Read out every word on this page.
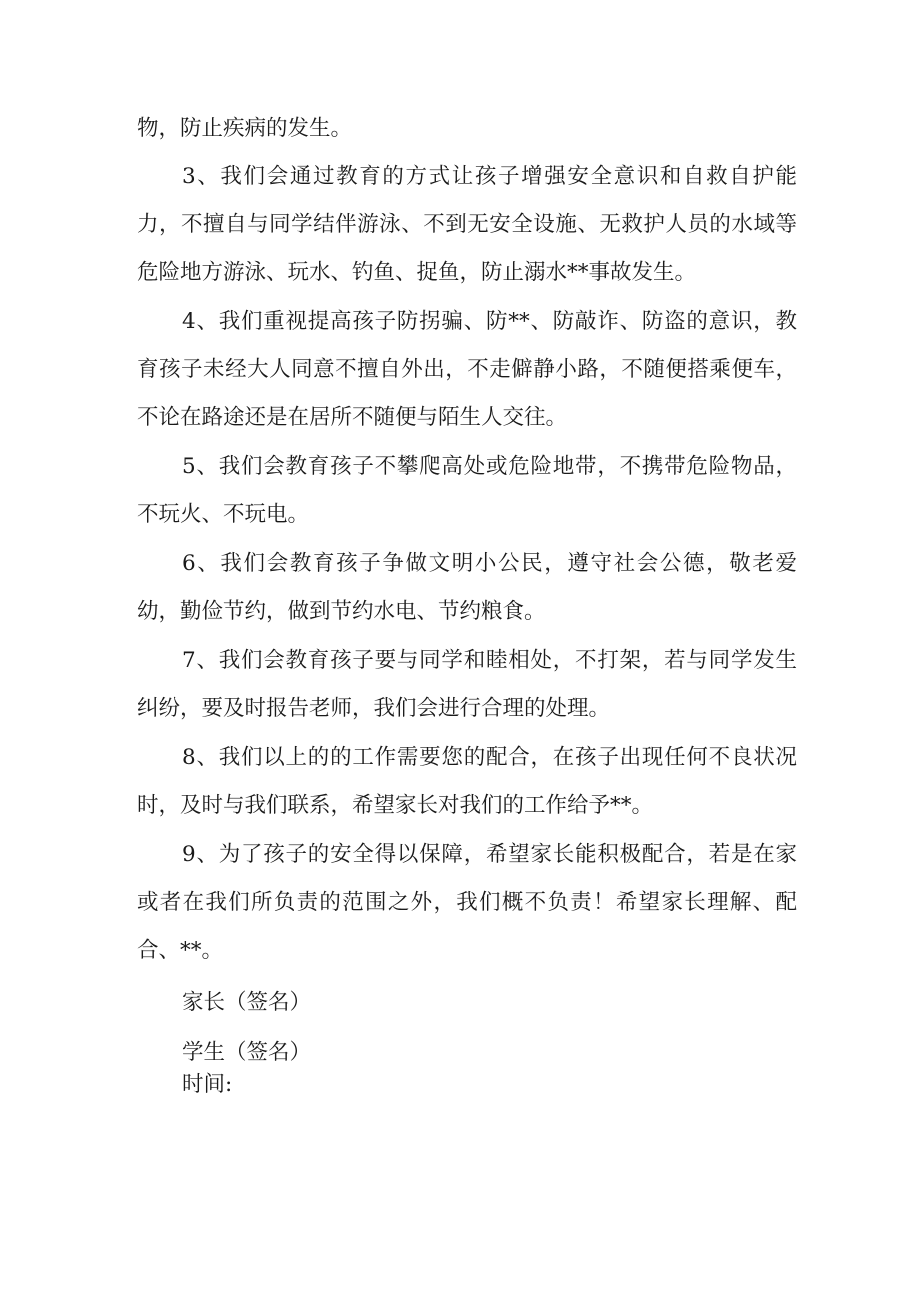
物，防止疾病的发生。

3、我们会通过教育的方式让孩子增强安全意识和自救自护能力，不擅自与同学结伴游泳、不到无安全设施、无救护人员的水域等危险地方游泳、玩水、钓鱼、捉鱼，防止溺水**事故发生。

4、我们重视提高孩子防拐骗、防**、防敲诈、防盗的意识，教育孩子未经大人同意不擅自外出，不走僻静小路，不随便搭乘便车，不论在路途还是在居所不随便与陌生人交往。

5、我们会教育孩子不攀爬高处或危险地带，不携带危险物品，不玩火、不玩电。

6、我们会教育孩子争做文明小公民，遵守社会公德，敬老爱幼，勤俭节约，做到节约水电、节约粮食。

7、我们会教育孩子要与同学和睦相处，不打架，若与同学发生纠纷，要及时报告老师，我们会进行合理的处理。

8、我们以上的的工作需要您的配合，在孩子出现任何不良状况时，及时与我们联系，希望家长对我们的工作给予**。

9、为了孩子的安全得以保障，希望家长能积极配合，若是在家或者在我们所负责的范围之外，我们概不负责！希望家长理解、配合、**。

家长（签名）

学生（签名）

时间:
